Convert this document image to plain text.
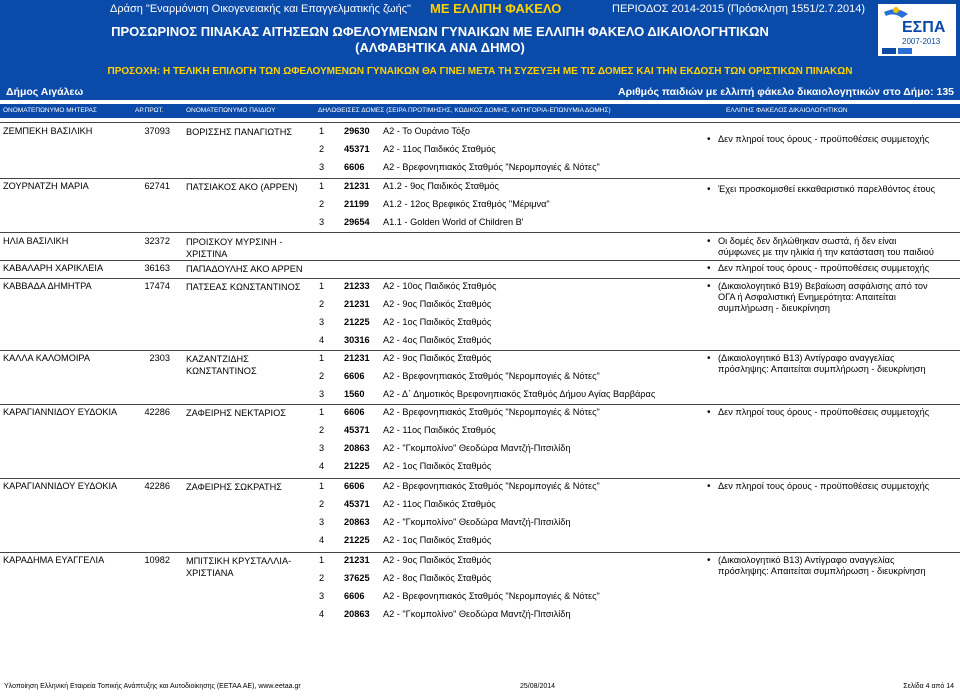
Δράση "Εναρμόνιση Οικογενειακής και Επαγγελματικής ζωής" ΜΕ ΕΛΛΙΠΗ ΦΑΚΕΛΟ	ΠΕΡΙΟΔΟΣ 2014-2015 (Πρόσκληση 1551/2.7.2014)
ΠΡΟΣΩΡΙΝΟΣ ΠΙΝΑΚΑΣ ΑΙΤΗΣΕΩΝ ΩΦΕΛΟΥΜΕΝΩΝ ΓΥΝΑΙΚΩΝ ΜΕ ΕΛΛΙΠΗ ΦΑΚΕΛΟ ΔΙΚΑΙΟΛΟΓΗΤΙΚΩΝ
(ΑΛΦΑΒΗΤΙΚΑ ΑΝΑ ΔΗΜΟ)
ΠΡΟΣΟΧΗ: Η ΤΕΛΙΚΗ ΕΠΙΛΟΓΗ ΤΩΝ ΩΦΕΛΟΥΜΕΝΩΝ ΓΥΝΑΙΚΩΝ ΘΑ ΓΙΝΕΙ ΜΕΤΑ ΤΗ ΣΥΖΕΥΞΗ ΜΕ ΤΙΣ ΔΟΜΕΣ ΚΑΙ ΤΗΝ ΕΚΔΟΣΗ ΤΩΝ ΟΡΙΣΤΙΚΩΝ ΠΙΝΑΚΩΝ
Δήμος Αιγάλεω	Αριθμός παιδιών με ελλιπή φάκελο δικαιολογητικών στο Δήμο: 135
ΕΣΠΑ
2007-2013
ΟΝΟΜΑΤΕΠΩΝΥΜΟ ΜΗΤΕΡΑΣ	ΑΡ.ΠΡΩΤ.	ΟΝΟΜΑΤΕΠΩΝΥΜΟ ΠΑΙΔΙΟΥ	ΔΗΛΩΘΕΙΣΕΣ ΔΟΜΕΣ (ΣΕΙΡΑ ΠΡΟΤΙΜΗΣΗΣ, ΚΩΔΙΚΟΣ ΔΟΜΗΣ, ΚΑΤΗΓΟΡΙΑ-ΕΠΩΝΥΜΙΑ ΔΟΜΗΣ)	ΕΛΛΙΠΗΣ ΦΑΚΕΛΟΣ ΔΙΚΑΙΟΛΟΓΗΤΙΚΩΝ
ΖΕΜΠΕΚΗ ΒΑΣΙΛΙΚΗ	37093 ΒΟΡΙΣΣΗΣ ΠΑΝΑΓΙΩΤΗΣ	1 29630 Α2 - Το Ουράνιο Τόξο
2 45371 Α2 - 11ος Παιδικός Σταθμός
3 6606 Α2 - Βρεφονηπιακός Σταθμός "Νερομπογιές & Νότες"
• Δεν πληροί τους όρους - προϋποθέσεις συμμετοχής
ΖΟΥΡΝΑΤΖΗ ΜΑΡΙΑ	62741 ΠΑΤΣΙΑΚΟΣ ΑΚΟ (ΑΡΡΕΝ) 1 21231 Α1.2 - 9ος Παιδικός Σταθμός
2 21199 Α1.2 - 12ος Βρεφικός Σταθμός "Μέριμνα"
3 29654 Α1.1 - Golden World of Children B'
• Έχει προσκομισθεί εκκαθαριστικό παρελθόντος έτους
ΗΛΙΑ ΒΑΣΙΛΙΚΗ	32372 ΠΡΟΙΣΚΟΥ ΜΥΡΣΙΝΗ -
ΧΡΙΣΤΙΝΑ
• Οι δομές δεν δηλώθηκαν σωστά, ή δεν είναι
σύμφωνες με την ηλικία ή την κατάσταση του παιδιού
ΚΑΒΑΛΑΡΗ ΧΑΡΙΚΛΕΙΑ	36163 ΠΑΠΑΔΟΥΛΗΣ ΑΚΟ ΑΡΡΕΝ
•	Δεν πληροί τους όρους - προϋποθέσεις συμμετοχής
ΚΑΒΒΑΔΑ ΔΗΜΗΤΡΑ	17474 ΠΑΤΣΕΑΣ ΚΩΝΣΤΑΝΤΙΝΟΣ 1 21233 Α2 - 10ος Παιδικός Σταθμός
2 21231 Α2 - 9ος Παιδικός Σταθμός
3 21225 Α2 - 1ος Παιδικός Σταθμός
4 30316 Α2 - 4ος Παιδικός Σταθμός
• (Δικαιολογητικό Β19) Βεβαίωση ασφάλισης από τον
ΟΓΑ ή Ασφαλιστική Ενημερότητα: Απαιτείται
συμπλήρωση - διευκρίνηση
ΚΑΛΛΑ ΚΑΛΟΜΟΙΡΑ	2303 ΚΑΖΑΝΤΖΙΔΗΣ
ΚΩΝΣΤΑΝΤΙΝΟΣ
1 21231 Α2 - 9ος Παιδικός Σταθμός
2 6606 Α2 - Βρεφονηπιακός Σταθμός "Νερομπογιές & Νότες"
3 1560 Α2 - Δ΄ Δημοτικός Βρεφονηπιακός Σταθμός Δήμου Αγίας Βαρβάρας
• (Δικαιολογητικό Β13) Αντίγραφο αναγγελίας
πρόσληψης: Απαιτείται συμπλήρωση - διευκρίνηση
ΚΑΡΑΓΙΑΝΝΙΔΟΥ ΕΥΔΟΚΙΑ	42286 ΖΑΦΕΙΡΗΣ ΝΕΚΤΑΡΙΟΣ	1 6606 Α2 - Βρεφονηπιακός Σταθμός "Νερομπογιές & Νότες"
2 45371 Α2 - 11ος Παιδικός Σταθμός
3 20863 Α2 - "Γκομπολίνο" Θεοδώρα Μαντζή-Πιτσιλίδη
4 21225 Α2 - 1ος Παιδικός Σταθμός
• Δεν πληροί τους όρους - προϋποθέσεις συμμετοχής
ΚΑΡΑΓΙΑΝΝΙΔΟΥ ΕΥΔΟΚΙΑ	42286 ΖΑΦΕΙΡΗΣ ΣΩΚΡΑΤΗΣ	1 6606 Α2 - Βρεφονηπιακός Σταθμός "Νερομπογιές & Νότες"
2 45371 Α2 - 11ος Παιδικός Σταθμός
3 20863 Α2 - "Γκομπολίνο" Θεοδώρα Μαντζή-Πιτσιλίδη
4 21225 Α2 - 1ος Παιδικός Σταθμός
• Δεν πληροί τους όρους - προϋποθέσεις συμμετοχής
ΚΑΡΑΔΗΜΑ ΕΥΑΓΓΕΛΙΑ	10982 ΜΠΙΤΣΙΚΗ ΚΡΥΣΤΑΛΛΙΑ-
ΧΡΙΣΤΙΑΝΑ
1 21231 Α2 - 9ος Παιδικός Σταθμός
2 37625 Α2 - 8ος Παιδικός Σταθμός
3 6606 Α2 - Βρεφονηπιακός Σταθμός "Νερομπογιές & Νότες"
4 20863 Α2 - "Γκομπολίνο" Θεοδώρα Μαντζή-Πιτσιλίδη
• (Δικαιολογητικό Β13) Αντίγραφο αναγγελίας
πρόσληψης: Απαιτείται συμπλήρωση - διευκρίνηση
Υλοποίηση Ελληνική Εταιρεία Τοπικής Ανάπτυξης και Αυτοδιοίκησης (ΕΕΤΑΑ ΑΕ), www.eetaa.gr	25/08/2014	Σελίδα 4 από 14
